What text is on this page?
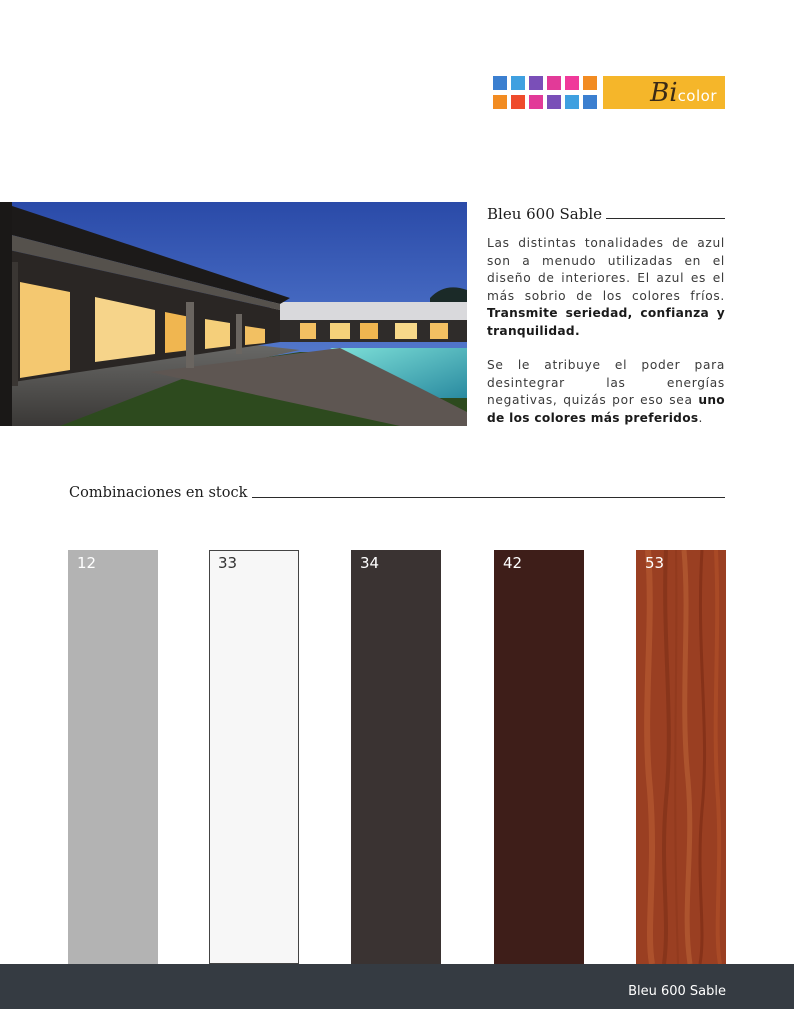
Bicolor
Bleu 600 Sable

Las distintas tonalidades de azul son a menudo utilizadas en el diseño de interiores. El azul es el más sobrio de los colores fríos. Transmite seriedad, confianza y tranquilidad.

Se le atribuye el poder para desintegrar las energías negativas, quizás por eso sea uno de los colores más preferidos.

Combinaciones en stock
12	33	34	42	53
Bleu 600 Sable
